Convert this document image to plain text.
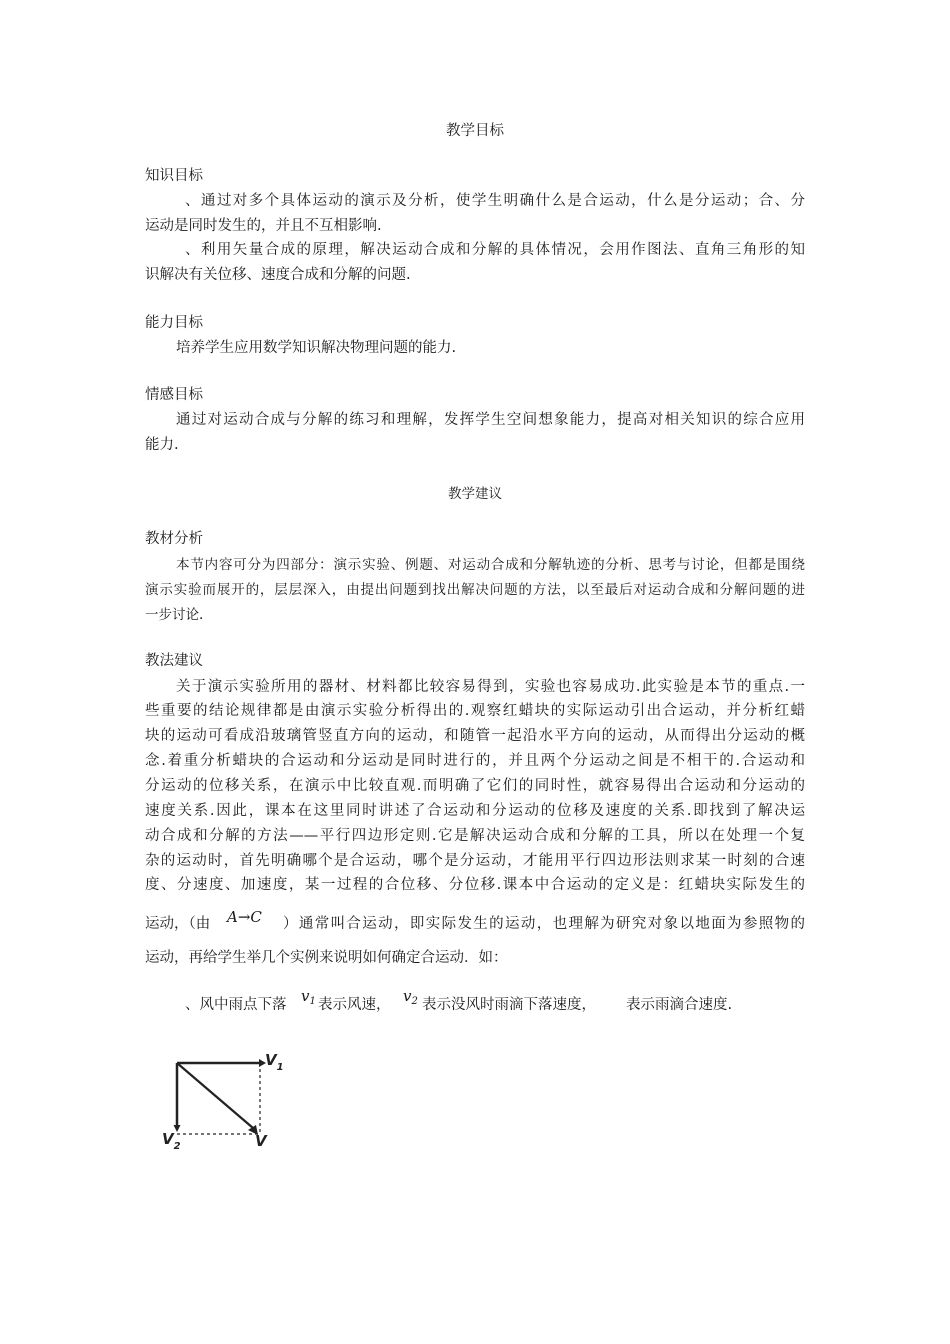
教学目标
知识目标
、通过对多个具体运动的演示及分析，使学生明确什么是合运动，什么是分运动；合、分
运动是同时发生的，并且不互相影响.
、利用矢量合成的原理，解决运动合成和分解的具体情况，会用作图法、直角三角形的知
识解决有关位移、速度合成和分解的问题.
能力目标
培养学生应用数学知识解决物理问题的能力.
情感目标
通过对运动合成与分解的练习和理解，发挥学生空间想象能力，提高对相关知识的综合应用
能力.
教学建议
教材分析
本节内容可分为四部分：演示实验、例题、对运动合成和分解轨迹的分析、思考与讨论，但都是围绕
演示实验而展开的，层层深入，由提出问题到找出解决问题的方法，以至最后对运动合成和分解问题的进
一步讨论.
教法建议
关于演示实验所用的器材、材料都比较容易得到，实验也容易成功.此实验是本节的重点.一
些重要的结论规律都是由演示实验分析得出的.观察红蜡块的实际运动引出合运动，并分析红蜡
块的运动可看成沿玻璃管竖直方向的运动，和随管一起沿水平方向的运动，从而得出分运动的概
念.着重分析蜡块的合运动和分运动是同时进行的，并且两个分运动之间是不相干的.合运动和
分运动的位移关系，在演示中比较直观.而明确了它们的同时性，就容易得出合运动和分运动的
速度关系.因此，课本在这里同时讲述了合运动和分运动的位移及速度的关系.即找到了解决运
动合成和分解的方法——平行四边形定则.它是解决运动合成和分解的工具，所以在处理一个复
杂的运动时，首先明确哪个是合运动，哪个是分运动，才能用平行四边形法则求某一时刻的合速
度、分速度、加速度，某一过程的合位移、分位移.课本中合运动的定义是：红蜡块实际发生的
运动，（由 A→C ）通常叫合运动，即实际发生的运动，也理解为研究对象以地面为参照物的
运动，再给学生举几个实例来说明如何确定合运动．如：
、风中雨点下落 $v_1$ 表示风速， $v_2$ 表示没风时雨滴下落速度， 表示雨滴合速度.
$V_1$
$V_2$	V
